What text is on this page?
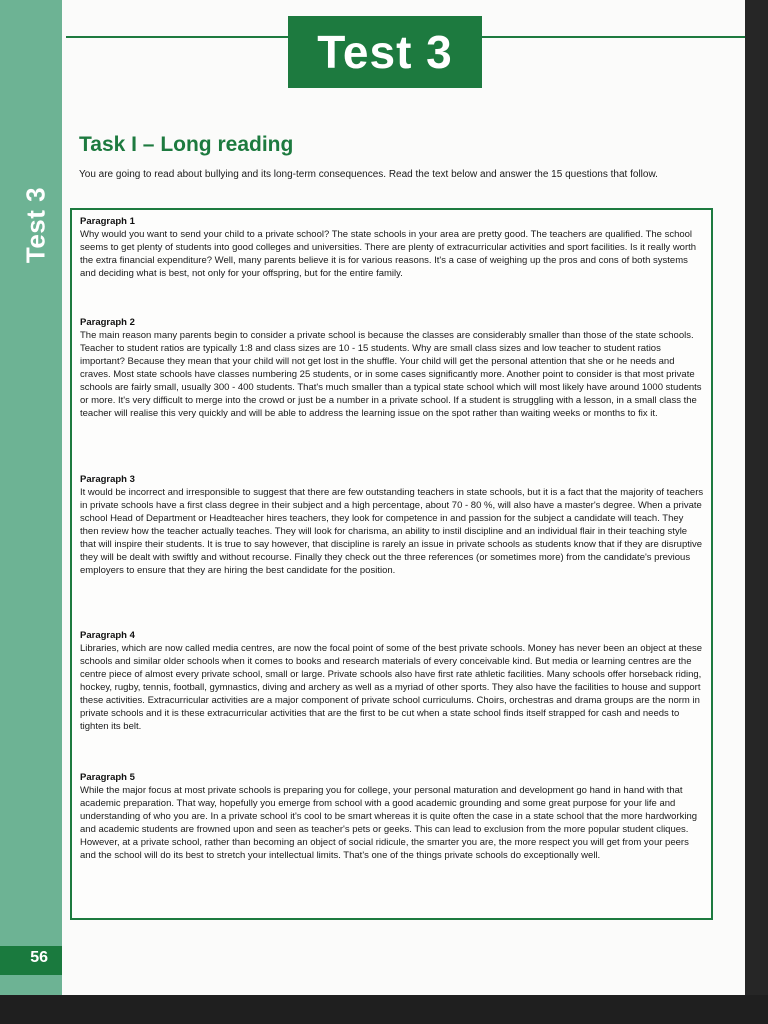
Test 3
56
Test 3
Task I – Long reading

You are going to read about bullying and its long-term consequences. Read the text below and answer the 15 questions that follow.

Paragraph 1

Why would you want to send your child to a private school? The state schools in your area are pretty good. The teachers are qualified. The school seems to get plenty of students into good colleges and universities. There are plenty of extracurricular activities and sport facilities. Is it really worth the extra financial expenditure? Well, many parents believe it is for various reasons. It's a case of weighing up the pros and cons of both systems and deciding what is best, not only for your offspring, but for the entire family.

Paragraph 2

The main reason many parents begin to consider a private school is because the classes are considerably smaller than those of the state schools. Teacher to student ratios are typically 1:8 and class sizes are 10 - 15 students. Why are small class sizes and low teacher to student ratios important? Because they mean that your child will not get lost in the shuffle. Your child will get the personal attention that she or he needs and craves. Most state schools have classes numbering 25 students, or in some cases significantly more. Another point to consider is that most private schools are fairly small, usually 300 - 400 students. That's much smaller than a typical state school which will most likely have around 1000 students or more. It's very difficult to merge into the crowd or just be a number in a private school. If a student is struggling with a lesson, in a small class the teacher will realise this very quickly and will be able to address the learning issue on the spot rather than waiting weeks or months to fix it.

Paragraph 3

It would be incorrect and irresponsible to suggest that there are few outstanding teachers in state schools, but it is a fact that the majority of teachers in private schools have a first class degree in their subject and a high percentage, about 70 - 80 %, will also have a master's degree. When a private school Head of Department or Headteacher hires teachers, they look for competence in and passion for the subject a candidate will teach. They then review how the teacher actually teaches. They will look for charisma, an ability to instil discipline and an individual flair in their teaching style that will inspire their students. It is true to say however, that discipline is rarely an issue in private schools as students know that if they are disruptive they will be dealt with swiftly and without recourse. Finally they check out the three references (or sometimes more) from the candidate's previous employers to ensure that they are hiring the best candidate for the position.

Paragraph 4

Libraries, which are now called media centres, are now the focal point of some of the best private schools. Money has never been an object at these schools and similar older schools when it comes to books and research materials of every conceivable kind. But media or learning centres are the centre piece of almost every private school, small or large. Private schools also have first rate athletic facilities. Many schools offer horseback riding, hockey, rugby, tennis, football, gymnastics, diving and archery as well as a myriad of other sports. They also have the facilities to house and support these activities. Extracurricular activities are a major component of private school curriculums. Choirs, orchestras and drama groups are the norm in private schools and it is these extracurricular activities that are the first to be cut when a state school finds itself strapped for cash and needs to tighten its belt.

Paragraph 5

While the major focus at most private schools is preparing you for college, your personal maturation and development go hand in hand with that academic preparation. That way, hopefully you emerge from school with a good academic grounding and some great purpose for your life and understanding of who you are. In a private school it's cool to be smart whereas it is quite often the case in a state school that the more hardworking and academic students are frowned upon and seen as teacher's pets or geeks. This can lead to exclusion from the more popular student cliques. However, at a private school, rather than becoming an object of social ridicule, the smarter you are, the more respect you will get from your peers and the school will do its best to stretch your intellectual limits. That's one of the things private schools do exceptionally well.
